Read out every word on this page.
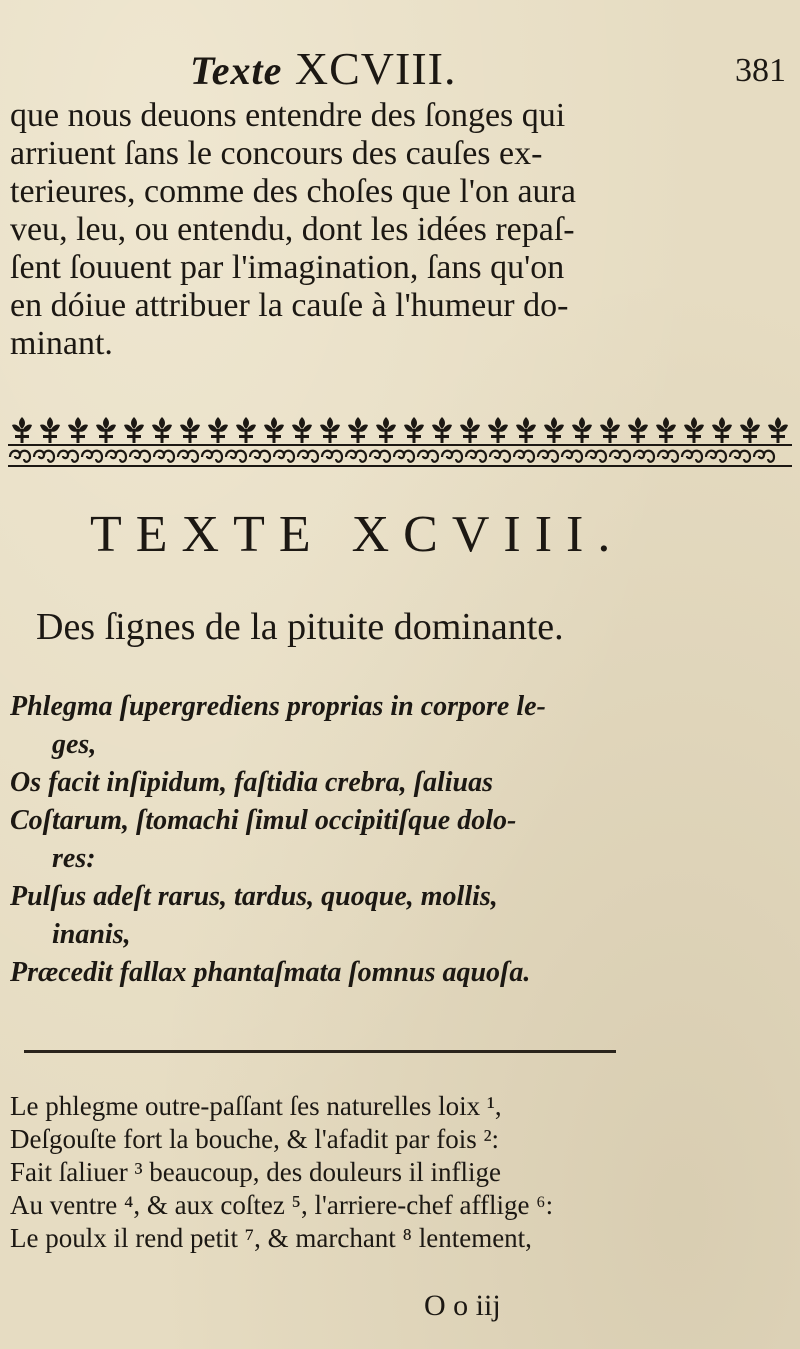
Texte XCVIII.	381
que nous deuons entendre des ſonges qui
arriuent ſans le concours des cauſes ex-
terieures, comme des choſes que l'on aura
veu, leu, ou entendu, dont les idées repaſ-
ſent ſouuent par l'imagination, ſans qu'on
en dóiue attribuer la cauſe à l'humeur do-
minant.
TEXTE XCVIII.
Des ſignes de la pituite dominante.
Phlegma ſupergrediens proprias in corpore le-
ges,
Os facit inſipidum, faſtidia crebra, ſaliuas
Coſtarum, ſtomachi ſimul occipitiſque dolo-
res:
Pulſus adeſt rarus, tardus, quoque, mollis,
inanis,
Præcedit fallax phantaſmata ſomnus aquoſa.
Le phlegme outre-paſſant ſes naturelles loix ¹,
Deſgouſte fort la bouche, & l'afadit par fois ²:
Fait ſaliuer ³ beaucoup, des douleurs il inflige
Au ventre ⁴, & aux coſtez ⁵, l'arriere-chef afflige ⁶:
Le poulx il rend petit ⁷, & marchant ⁸ lentement,
O o iij
